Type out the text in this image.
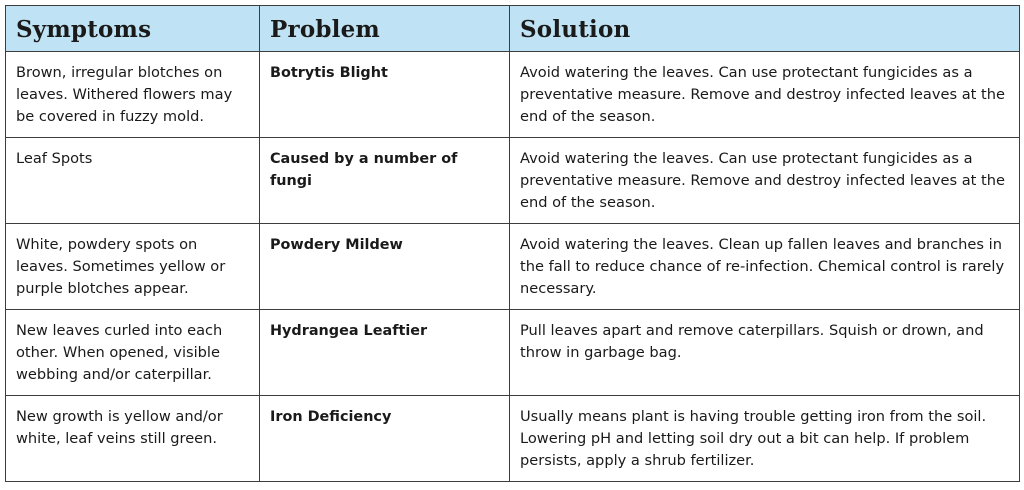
Symptoms	Problem	Solution
Brown, irregular blotches on leaves. Withered flowers may be covered in fuzzy mold.	Botrytis Blight	Avoid watering the leaves. Can use protectant fungicides as a preventative measure. Remove and destroy infected leaves at the end of the season.
Leaf Spots	Caused by a number of fungi	Avoid watering the leaves. Can use protectant fungicides as a preventative measure. Remove and destroy infected leaves at the end of the season.
White, powdery spots on leaves. Sometimes yellow or purple blotches appear.	Powdery Mildew	Avoid watering the leaves. Clean up fallen leaves and branches in the fall to reduce chance of re-infection. Chemical control is rarely necessary.
New leaves curled into each other. When opened, visible webbing and/or caterpillar.	Hydrangea Leaftier	Pull leaves apart and remove caterpillars. Squish or drown, and throw in garbage bag.
New growth is yellow and/or white, leaf veins still green.	Iron Deficiency	Usually means plant is having trouble getting iron from the soil. Lowering pH and letting soil dry out a bit can help. If problem persists, apply a shrub fertilizer.
